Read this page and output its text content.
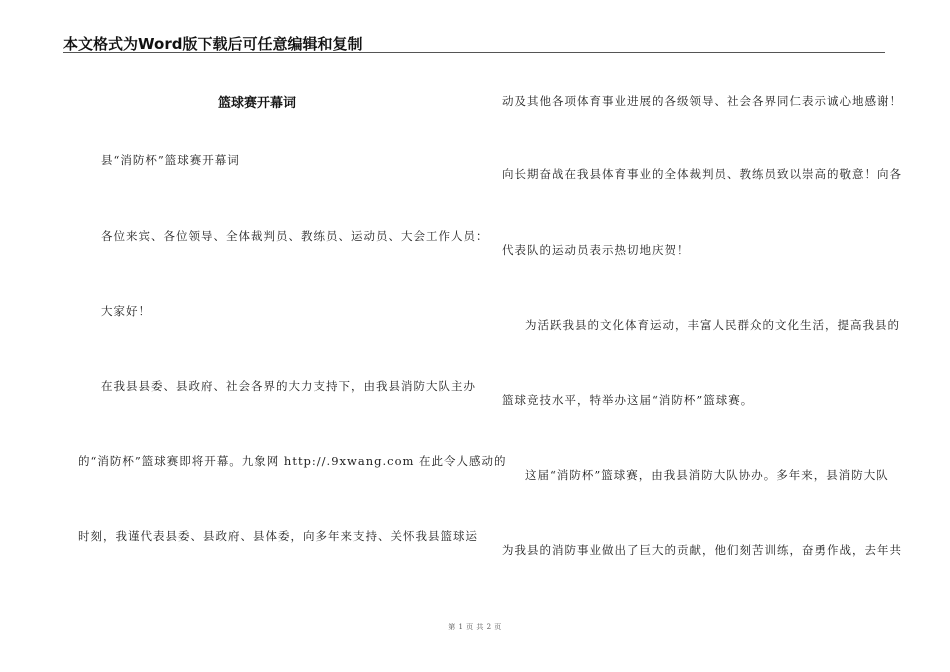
本文格式为Word版下载后可任意编辑和复制
篮球赛开幕词
县“消防杯”篮球赛开幕词
各位来宾、各位领导、全体裁判员、教练员、运动员、大会工作人员：
大家好！
在我县县委、县政府、社会各界的大力支持下，由我县消防大队主办
的“消防杯”篮球赛即将开幕。九象网 http://.9xwang.com 在此令人感动的
时刻，我谨代表县委、县政府、县体委，向多年来支持、关怀我县篮球运
动及其他各项体育事业进展的各级领导、社会各界同仁表示诚心地感谢！
向长期奋战在我县体育事业的全体裁判员、教练员致以崇高的敬意！向各
代表队的运动员表示热切地庆贺！
为活跃我县的文化体育运动，丰富人民群众的文化生活，提高我县的
篮球竞技水平，特举办这届“消防杯”篮球赛。
这届“消防杯”篮球赛，由我县消防大队协办。多年来，县消防大队
为我县的消防事业做出了巨大的贡献，他们刻苦训练，奋勇作战，去年共
第 1 页 共 2 页
